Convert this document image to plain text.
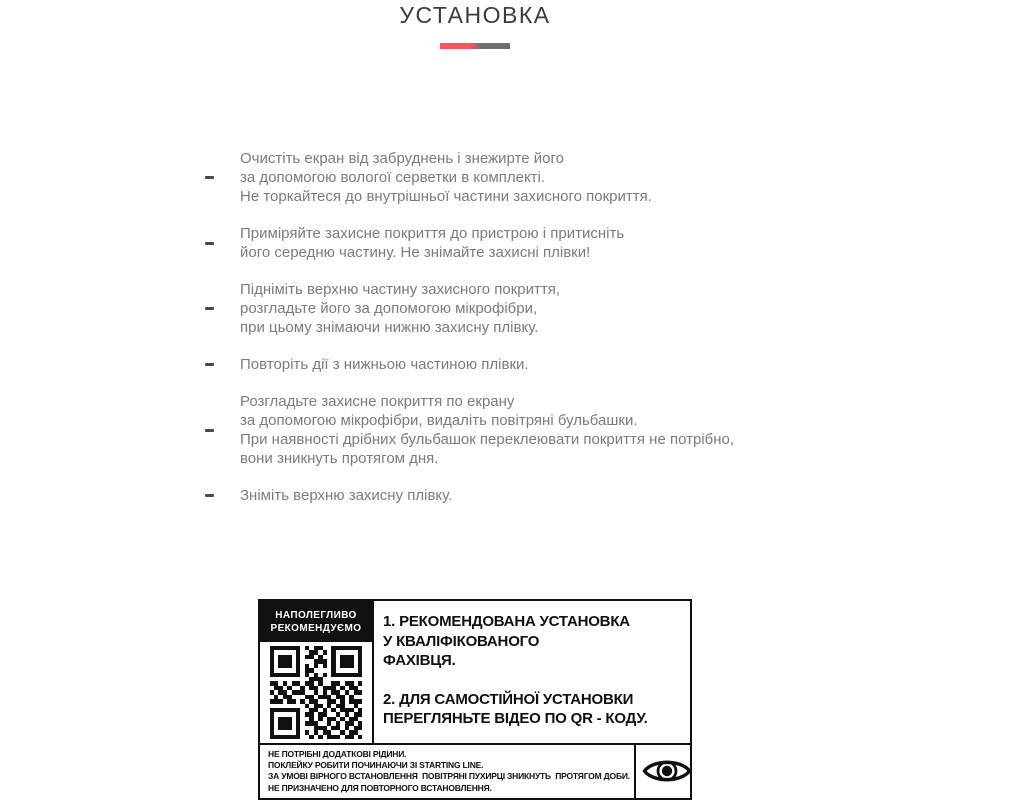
УСТАНОВКА
Очистіть екран від забруднень і знежирте його
за допомогою вологої серветки в комплекті.
Не торкайтеся до внутрішньої частини захисного покриття.
Приміряйте захисне покриття до пристрою і притисніть
його середню частину. Не знімайте захисні плівки!
Підніміть верхню частину захисного покриття,
розгладьте його за допомогою мікрофібри,
при цьому знімаючи нижню захисну плівку.
Повторіть дії з нижньою частиною плівки.
Розгладьте захисне покриття по екрану
за допомогою мікрофібри, видаліть повітряні бульбашки.
При наявності дрібних бульбашок переклеювати покриття не потрібно,
вони зникнуть протягом дня.
Зніміть верхню захисну плівку.
НАПОЛЕГЛИВО
РЕКОМЕНДУЄМО	1. РЕКОМЕНДОВАНА УСТАНОВКА
У КВАЛІФІКОВАНОГО
ФАХІВЦЯ.
2. ДЛЯ САМОСТІЙНОЇ УСТАНОВКИ
ПЕРЕГЛЯНЬТЕ ВІДЕО ПО QR - КОДУ.
НЕ ПОТРІБНІ ДОДАТКОВІ РІДИНИ.
ПОКЛЕЙКУ РОБИТИ ПОЧИНАЮЧИ ЗІ STARTING LINE.
ЗА УМОВІ ВІРНОГО ВСТАНОВЛЕННЯ  ПОВІТРЯНІ ПУХИРЦІ ЗНИКНУТЬ  ПРОТЯГОМ ДОБИ.
НЕ ПРИЗНАЧЕНО ДЛЯ ПОВТОРНОГО ВСТАНОВЛЕННЯ.
